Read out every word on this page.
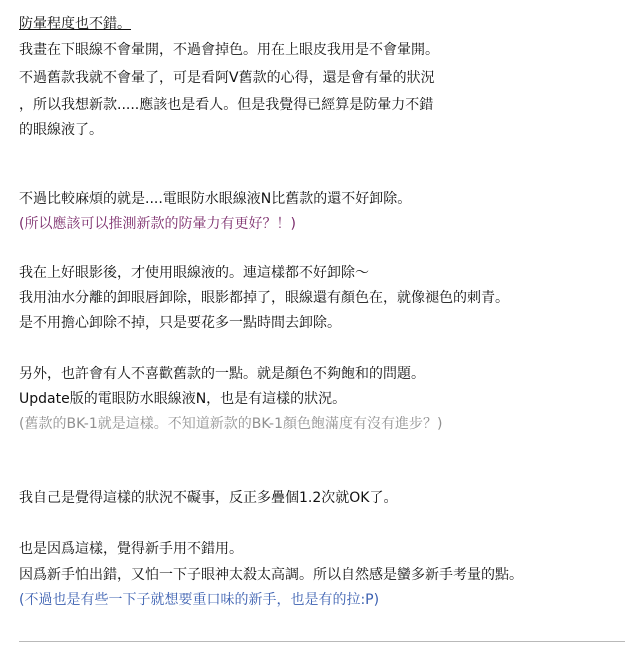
防暈程度也不錯。
我畫在下眼線不會暈開，不過會掉色。用在上眼皮我用是不會暈開。
不過舊款我就不會暈了，可是看阿V舊款的心得，還是會有暈的狀況
，所以我想新款.....應該也是看人。但是我覺得已經算是防暈力不錯
的眼線液了。
不過比較麻煩的就是....電眼防水眼線液N比舊款的還不好卸除。
(所以應該可以推測新款的防暈力有更好？！)
我在上好眼影後，才使用眼線液的。連這樣都不好卸除～
我用油水分離的卸眼唇卸除，眼影都掉了，眼線還有顏色在，就像褪色的刺青。
是不用擔心卸除不掉，只是要花多一點時間去卸除。
另外，也許會有人不喜歡舊款的一點。就是顏色不夠飽和的問題。
Update版的電眼防水眼線液N，也是有這樣的狀況。
(舊款的BK-1就是這樣。不知道新款的BK-1顏色飽滿度有沒有進步？)
我自己是覺得這樣的狀況不礙事，反正多疊個1.2次就OK了。
也是因爲這樣，覺得新手用不錯用。
因爲新手怕出錯，又怕一下子眼神太殺太高調。所以自然感是蠻多新手考量的點。
(不過也是有些一下子就想要重口味的新手，也是有的拉:P)
